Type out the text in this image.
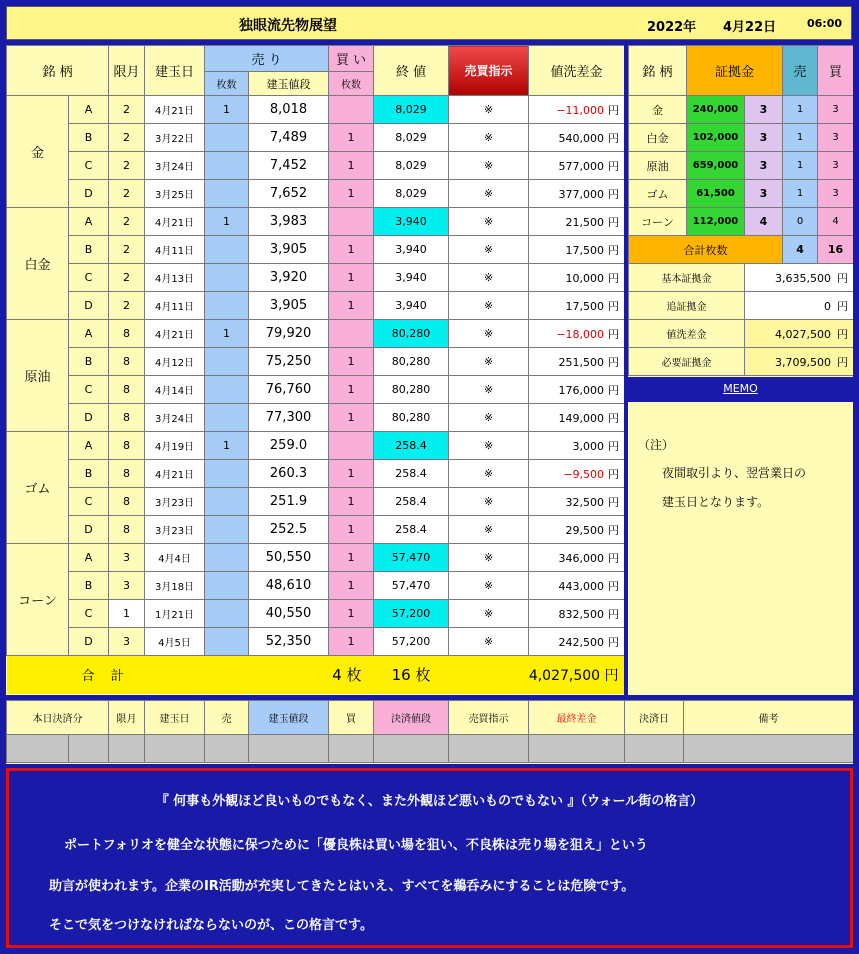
独眼流先物展望	2022年 4月22日	06:00
銘 柄		限月	建玉日	売 り		買 い	終 値	売買指示	値洗差金
				枚数	建玉値段	枚数			
金	A	2	4月21日	1	8,018		8,029	※	−11,000 円
	B	2	3月22日		7,489	1	8,029	※	540,000 円
	C	2	3月24日		7,452	1	8,029	※	577,000 円
	D	2	3月25日		7,652	1	8,029	※	377,000 円
白金	A	2	4月21日	1	3,983		3,940	※	21,500 円
	B	2	4月11日		3,905	1	3,940	※	17,500 円
	C	2	4月13日		3,920	1	3,940	※	10,000 円
	D	2	4月11日		3,905	1	3,940	※	17,500 円
原油	A	8	4月21日	1	79,920		80,280	※	−18,000 円
	B	8	4月12日		75,250	1	80,280	※	251,500 円
	C	8	4月14日		76,760	1	80,280	※	176,000 円
	D	8	3月24日		77,300	1	80,280	※	149,000 円
ゴム	A	8	4月19日	1	259.0		258.4	※	3,000 円
	B	8	4月21日		260.3	1	258.4	※	−9,500 円
	C	8	3月23日		251.9	1	258.4	※	32,500 円
	D	8	3月23日		252.5	1	258.4	※	29,500 円
コーン	A	3	4月4日		50,550	1	57,470	※	346,000 円
	B	3	3月18日		48,610	1	57,470	※	443,000 円
	C	1	1月21日		40,550	1	57,200	※	832,500 円
	D	3	4月5日		52,350	1	57,200	※	242,500 円
合 計				4 枚			16 枚	4,027,500 円	
銘 柄	証拠金		売	買
金	240,000	3	1	3
白金	102,000	3	1	3
原油	659,000	3	1	3
ゴム	61,500	3	1	3
コーン	112,000	4	0	4
合計枚数			4	16
基本証拠金		3,635,500 円		
追証拠金		0 円		
値洗差金		4,027,500 円		
必要証拠金		3,709,500 円		
MEMO
（注）
夜間取引より、翌営業日の
建玉日となります。
本日決済分		限月	建玉日	売	建玉値段	買	決済値段	売買指示	最終差金	決済日	備考

『 何事も外観ほど良いものでもなく、また外観ほど悪いものでもない 』（ウォール街の格言）
ポートフォリオを健全な状態に保つために「優良株は買い場を狙い、不良株は売り場を狙え」という
助言が使われます。企業のIR活動が充実してきたとはいえ、すべてを鵜呑みにすることは危険です。
そこで気をつけなければならないのが、この格言です。
